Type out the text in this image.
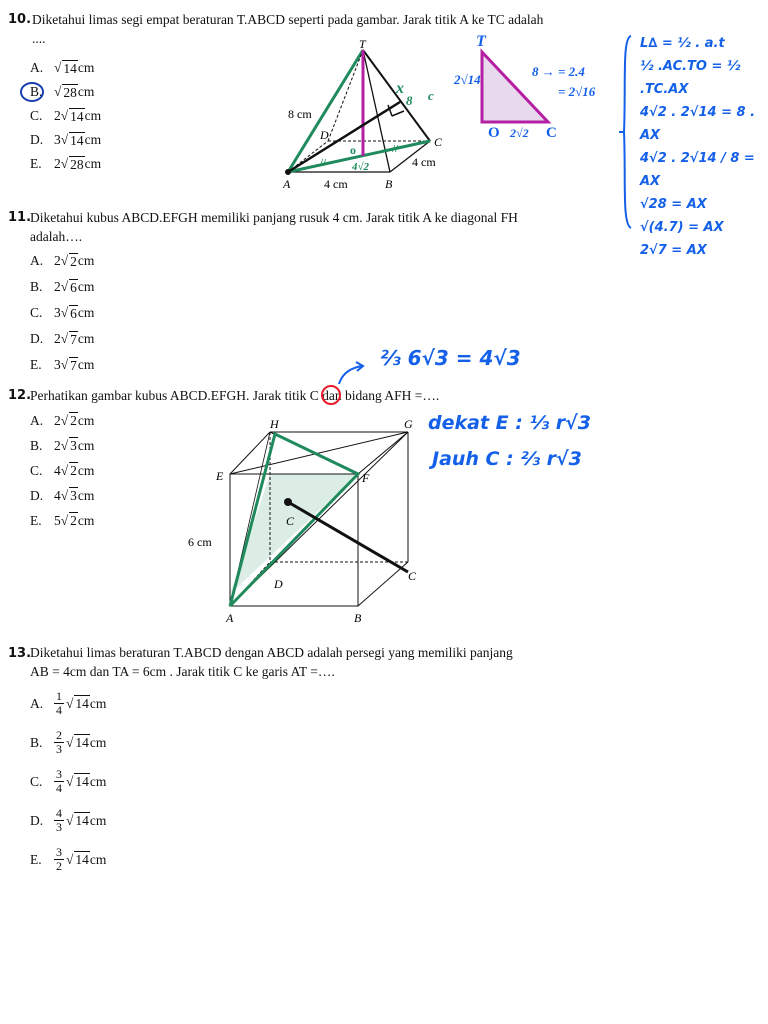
10. Diketahui limas segi empat beraturan T.ABCD seperti pada gambar. Jarak titik A ke TC adalah
....
A. √ 14 cm
B. √ 28 cm
C. 2 √ 14 cm
D. 3 √ 14 cm
E. 2 √ 28 cm
x
8 c
o
4√2
//
//
T
D	C
A	B
8 cm
4 cm
4 cm
T
O	C
2√14
8 → = 2.4
= 2√16
2√2
L∆ = ½ . a.t
½ .AC.TO = ½ .TC.AX
4√2 . 2√14 = 8 . AX
4√2 . 2√14 / 8 = AX
√28 = AX
√(4.7) = AX
2√7 = AX
11.
Diketahui kubus ABCD.EFGH memiliki panjang rusuk 4 cm. Jarak titik A ke diagonal FH
adalah….
A. 2 √ 2 cm
B. 2 √ 6 cm
C. 3 √ 6 cm
D. 2 √ 7 cm
E. 3 √ 7 cm
12.
Perhatikan gambar kubus ABCD.EFGH. Jarak titik C dan bidang AFH =….
A. 2 √ 2 cm
B. 2 √ 3 cm
C. 4 √ 2 cm
D. 4 √ 3 cm
E. 5 √ 2 cm
H	G
E	F
C
C
D
A	B
6 cm
⅔ 6√3 = 4√3
dekat E : ⅓ r√3
Jauh C : ⅔ r√3
13.
Diketahui limas beraturan T.ABCD dengan ABCD adalah persegi yang memiliki panjang
AB = 4cm dan TA = 6cm . Jarak titik C ke garis AT =….
A. $\frac{1}{4}$ √ 14 cm
B. $\frac{2}{3}$ √ 14 cm
C. $\frac{3}{4}$ √ 14 cm
D. $\frac{4}{3}$ √ 14 cm
E.	$\frac{3}{2}$ √ 14 cm
